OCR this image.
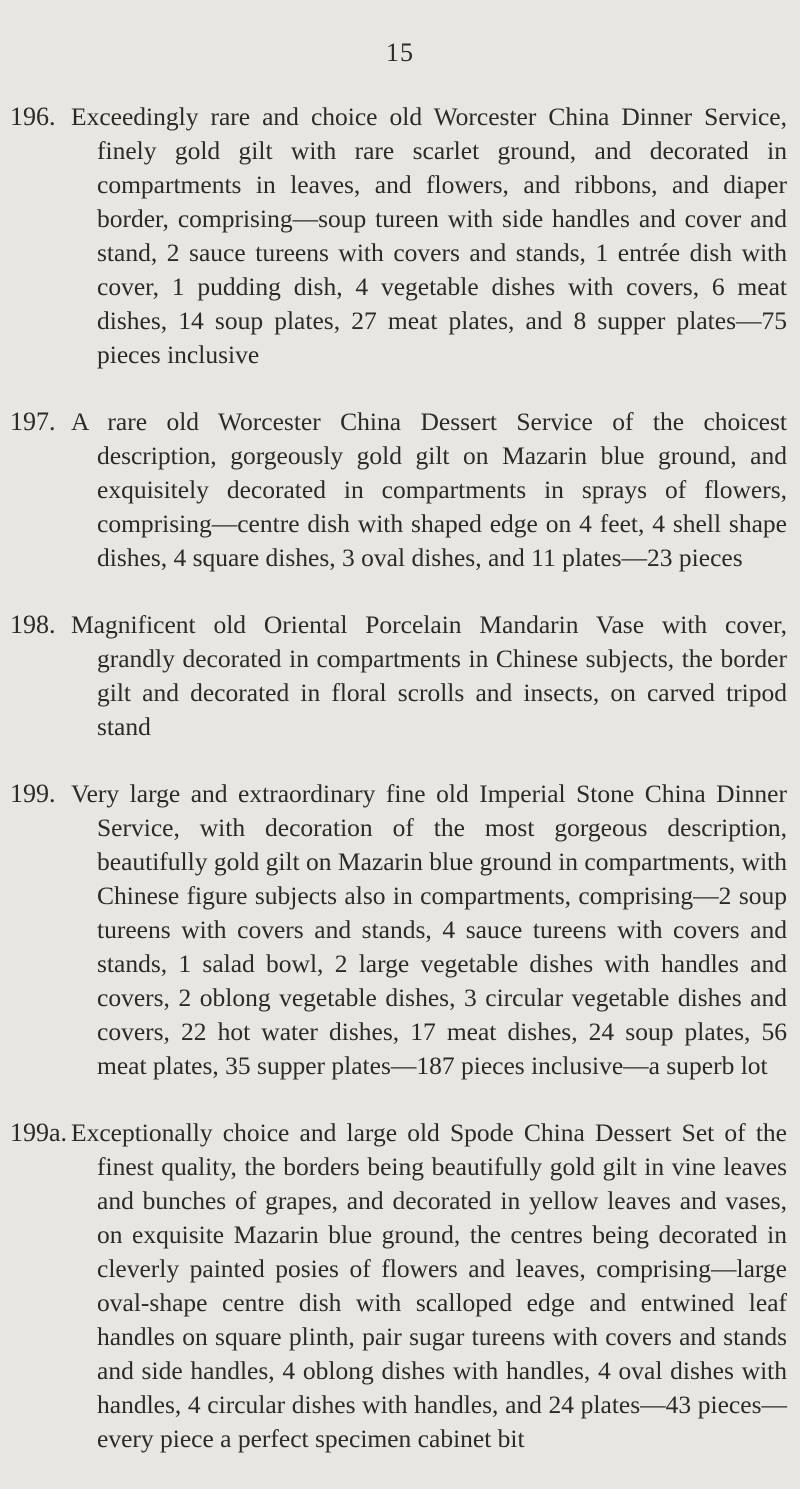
15
196. Exceedingly rare and choice old Worcester China Dinner Service, finely gold gilt with rare scarlet ground, and decorated in compartments in leaves, and flowers, and ribbons, and diaper border, comprising—soup tureen with side handles and cover and stand, 2 sauce tureens with covers and stands, 1 entrée dish with cover, 1 pudding dish, 4 vegetable dishes with covers, 6 meat dishes, 14 soup plates, 27 meat plates, and 8 supper plates—75 pieces inclusive
197. A rare old Worcester China Dessert Service of the choicest description, gorgeously gold gilt on Mazarin blue ground, and exquisitely decorated in compartments in sprays of flowers, comprising—centre dish with shaped edge on 4 feet, 4 shell shape dishes, 4 square dishes, 3 oval dishes, and 11 plates—23 pieces
198. Magnificent old Oriental Porcelain Mandarin Vase with cover, grandly decorated in compartments in Chinese subjects, the border gilt and decorated in floral scrolls and insects, on carved tripod stand
199. Very large and extraordinary fine old Imperial Stone China Dinner Service, with decoration of the most gorgeous description, beautifully gold gilt on Mazarin blue ground in compartments, with Chinese figure subjects also in compartments, comprising—2 soup tureens with covers and stands, 4 sauce tureens with covers and stands, 1 salad bowl, 2 large vegetable dishes with handles and covers, 2 oblong vegetable dishes, 3 circular vegetable dishes and covers, 22 hot water dishes, 17 meat dishes, 24 soup plates, 56 meat plates, 35 supper plates—187 pieces inclusive—a superb lot
199a. Exceptionally choice and large old Spode China Dessert Set of the finest quality, the borders being beautifully gold gilt in vine leaves and bunches of grapes, and decorated in yellow leaves and vases, on exquisite Mazarin blue ground, the centres being decorated in cleverly painted posies of flowers and leaves, comprising—large oval-shape centre dish with scalloped edge and entwined leaf handles on square plinth, pair sugar tureens with covers and stands and side handles, 4 oblong dishes with handles, 4 oval dishes with handles, 4 circular dishes with handles, and 24 plates—43 pieces—every piece a perfect specimen cabinet bit
